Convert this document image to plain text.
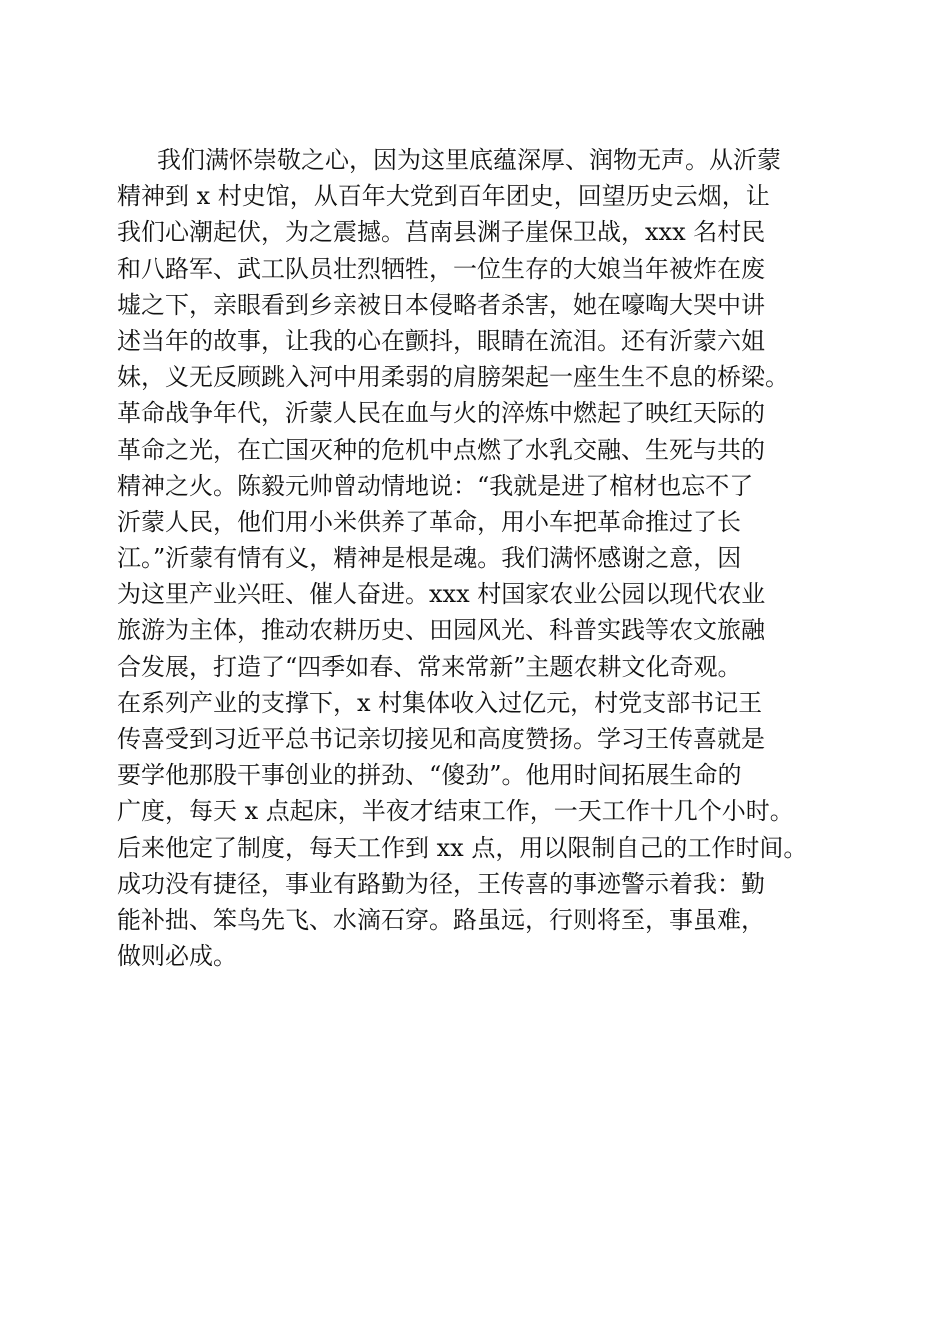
我们满怀崇敬之心，因为这里底蕴深厚、润物无声。从沂蒙
精神到 x 村史馆，从百年大党到百年团史，回望历史云烟，让
我们心潮起伏，为之震撼。莒南县渊子崖保卫战，xxx 名村民
和八路军、武工队员壮烈牺牲，一位生存的大娘当年被炸在废
墟之下，亲眼看到乡亲被日本侵略者杀害，她在嚎啕大哭中讲
述当年的故事，让我的心在颤抖，眼睛在流泪。还有沂蒙六姐
妹，义无反顾跳入河中用柔弱的肩膀架起一座生生不息的桥梁。
革命战争年代，沂蒙人民在血与火的淬炼中燃起了映红天际的
革命之光，在亡国灭种的危机中点燃了水乳交融、生死与共的
精神之火。陈毅元帅曾动情地说：“我就是进了棺材也忘不了
沂蒙人民，他们用小米供养了革命，用小车把革命推过了长
江。”沂蒙有情有义，精神是根是魂。我们满怀感谢之意，因
为这里产业兴旺、催人奋进。xxx 村国家农业公园以现代农业
旅游为主体，推动农耕历史、田园风光、科普实践等农文旅融
合发展，打造了“四季如春、常来常新”主题农耕文化奇观。
在系列产业的支撑下，x 村集体收入过亿元，村党支部书记王
传喜受到习近平总书记亲切接见和高度赞扬。学习王传喜就是
要学他那股干事创业的拼劲、“傻劲”。他用时间拓展生命的
广度，每天 x 点起床，半夜才结束工作，一天工作十几个小时。
后来他定了制度，每天工作到 xx 点，用以限制自己的工作时间。
成功没有捷径，事业有路勤为径，王传喜的事迹警示着我：勤
能补拙、笨鸟先飞、水滴石穿。路虽远，行则将至，事虽难，
做则必成。
